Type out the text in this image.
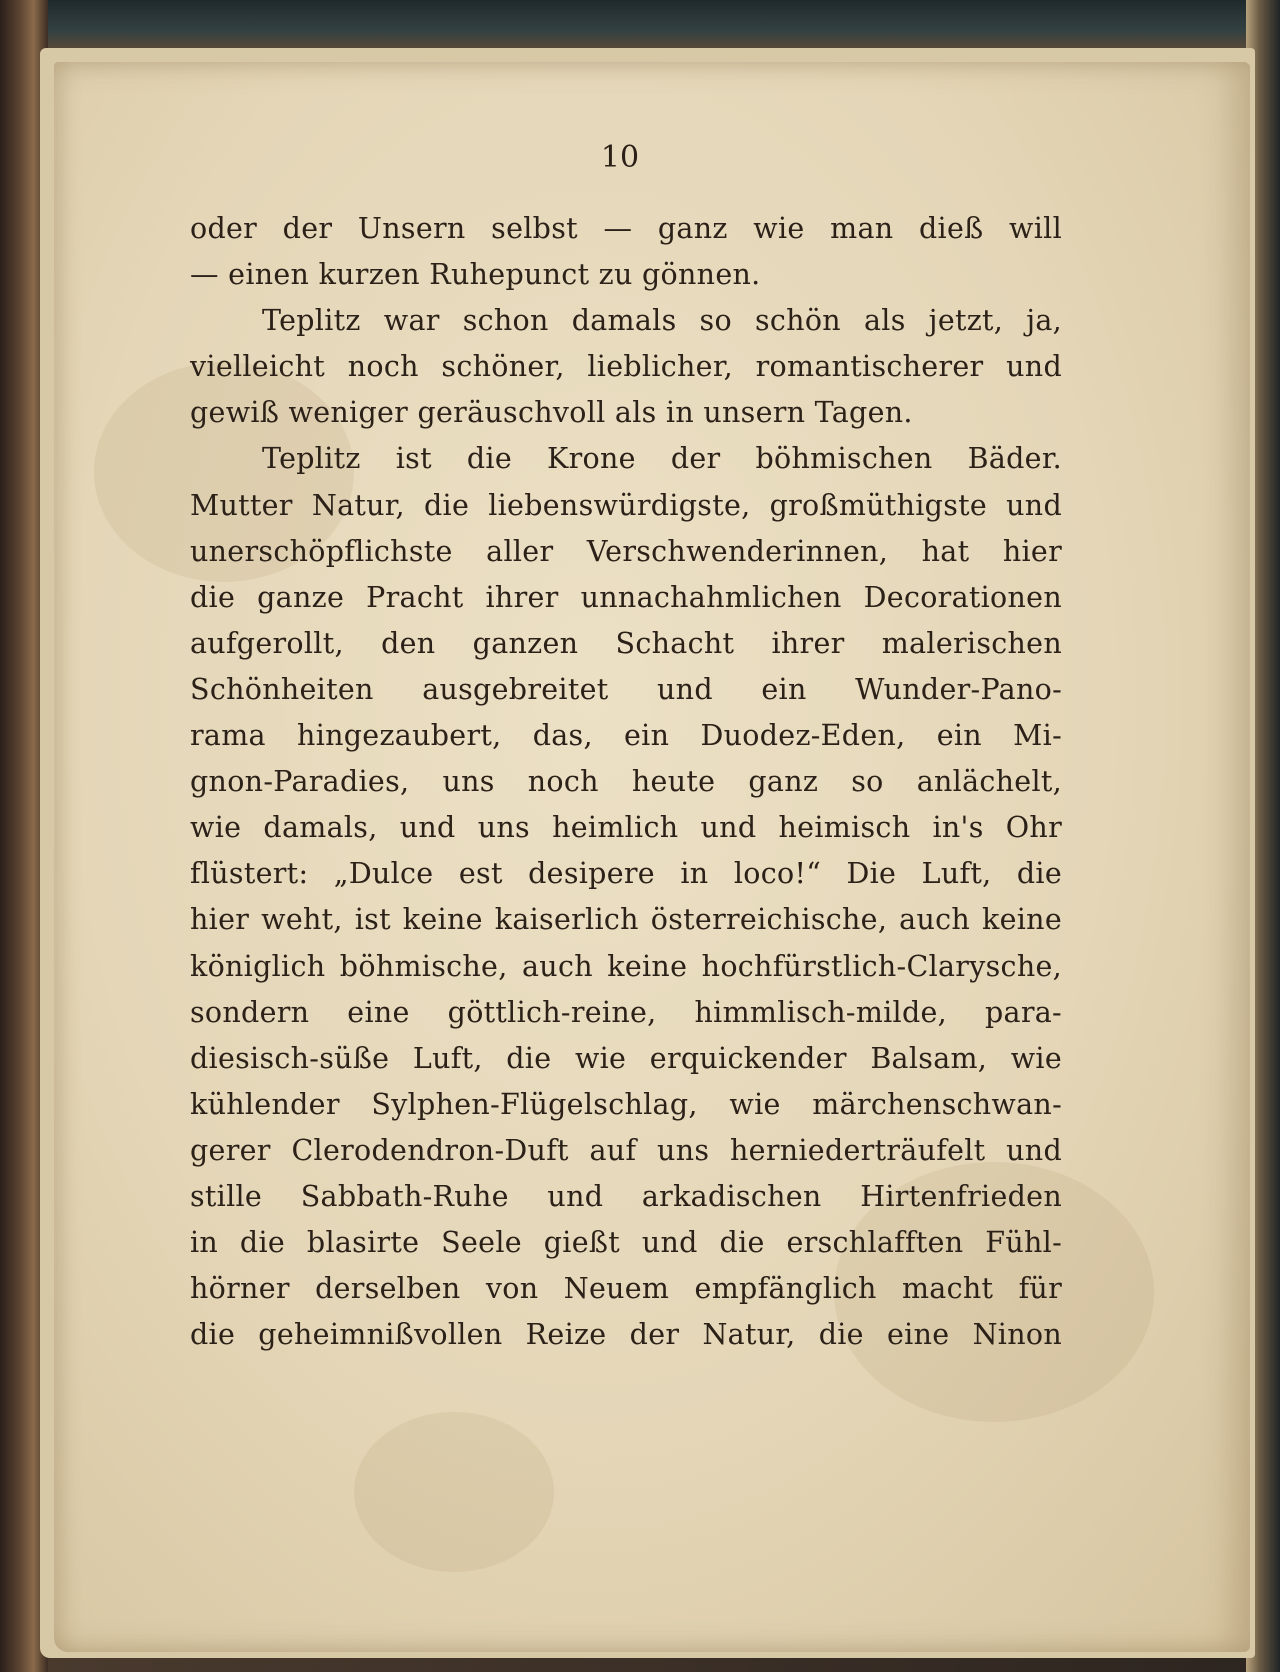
10
oder der Unsern selbst — ganz wie man dieß will
— einen kurzen Ruhepunct zu gönnen.
Teplitz war schon damals so schön als jetzt, ja,
vielleicht noch schöner, lieblicher, romantischerer und
gewiß weniger geräuschvoll als in unsern Tagen.
Teplitz ist die Krone der böhmischen Bäder.
Mutter Natur, die liebenswürdigste, großmüthigste und
unerschöpflichste aller Verschwenderinnen, hat hier
die ganze Pracht ihrer unnachahmlichen Decorationen
aufgerollt, den ganzen Schacht ihrer malerischen
Schönheiten ausgebreitet und ein Wunder-Pano-
rama hingezaubert, das, ein Duodez-Eden, ein Mi-
gnon-Paradies, uns noch heute ganz so anlächelt,
wie damals, und uns heimlich und heimisch in's Ohr
flüstert: „Dulce est desipere in loco!“ Die Luft, die
hier weht, ist keine kaiserlich österreichische, auch keine
königlich böhmische, auch keine hochfürstlich-Clarysche,
sondern eine göttlich-reine, himmlisch-milde, para-
diesisch-süße Luft, die wie erquickender Balsam, wie
kühlender Sylphen-Flügelschlag, wie märchenschwan-
gerer Clerodendron-Duft auf uns herniederträufelt und
stille Sabbath-Ruhe und arkadischen Hirtenfrieden
in die blasirte Seele gießt und die erschlafften Fühl-
hörner derselben von Neuem empfänglich macht für
die geheimnißvollen Reize der Natur, die eine Ninon
